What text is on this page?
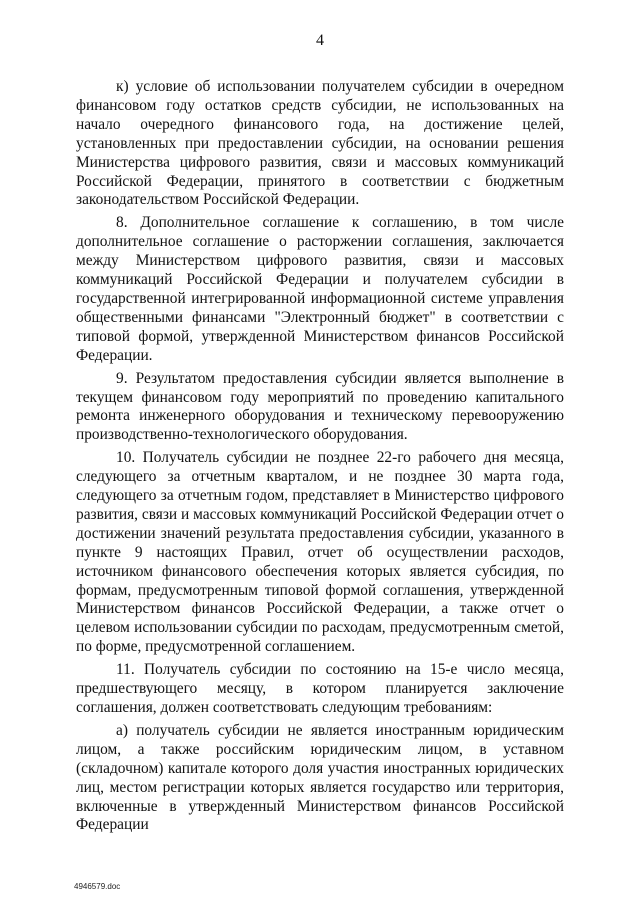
4

к) условие об использовании получателем субсидии в очередном финансовом году остатков средств субсидии, не использованных на начало очередного финансового года, на достижение целей, установленных при предоставлении субсидии, на основании решения Министерства цифрового развития, связи и массовых коммуникаций Российской Федерации, принятого в соответствии с бюджетным законодательством Российской Федерации.

8. Дополнительное соглашение к соглашению, в том числе дополнительное соглашение о расторжении соглашения, заключается между Министерством цифрового развития, связи и массовых коммуникаций Российской Федерации и получателем субсидии в государственной интегрированной информационной системе управления общественными финансами "Электронный бюджет" в соответствии с типовой формой, утвержденной Министерством финансов Российской Федерации.

9. Результатом предоставления субсидии является выполнение в текущем финансовом году мероприятий по проведению капитального ремонта инженерного оборудования и техническому перевооружению производственно-технологического оборудования.

10. Получатель субсидии не позднее 22-го рабочего дня месяца, следующего за отчетным кварталом, и не позднее 30 марта года, следующего за отчетным годом, представляет в Министерство цифрового развития, связи и массовых коммуникаций Российской Федерации отчет о достижении значений результата предоставления субсидии, указанного в пункте 9 настоящих Правил, отчет об осуществлении расходов, источником финансового обеспечения которых является субсидия, по формам, предусмотренным типовой формой соглашения, утвержденной Министерством финансов Российской Федерации, а также отчет о целевом использовании субсидии по расходам, предусмотренным сметой, по форме, предусмотренной соглашением.

11. Получатель субсидии по состоянию на 15-е число месяца, предшествующего месяцу, в котором планируется заключение соглашения, должен соответствовать следующим требованиям:

а) получатель субсидии не является иностранным юридическим лицом, а также российским юридическим лицом, в уставном (складочном) капитале которого доля участия иностранных юридических лиц, местом регистрации которых является государство или территория, включенные в утвержденный Министерством финансов Российской Федерации

4946579.doc
